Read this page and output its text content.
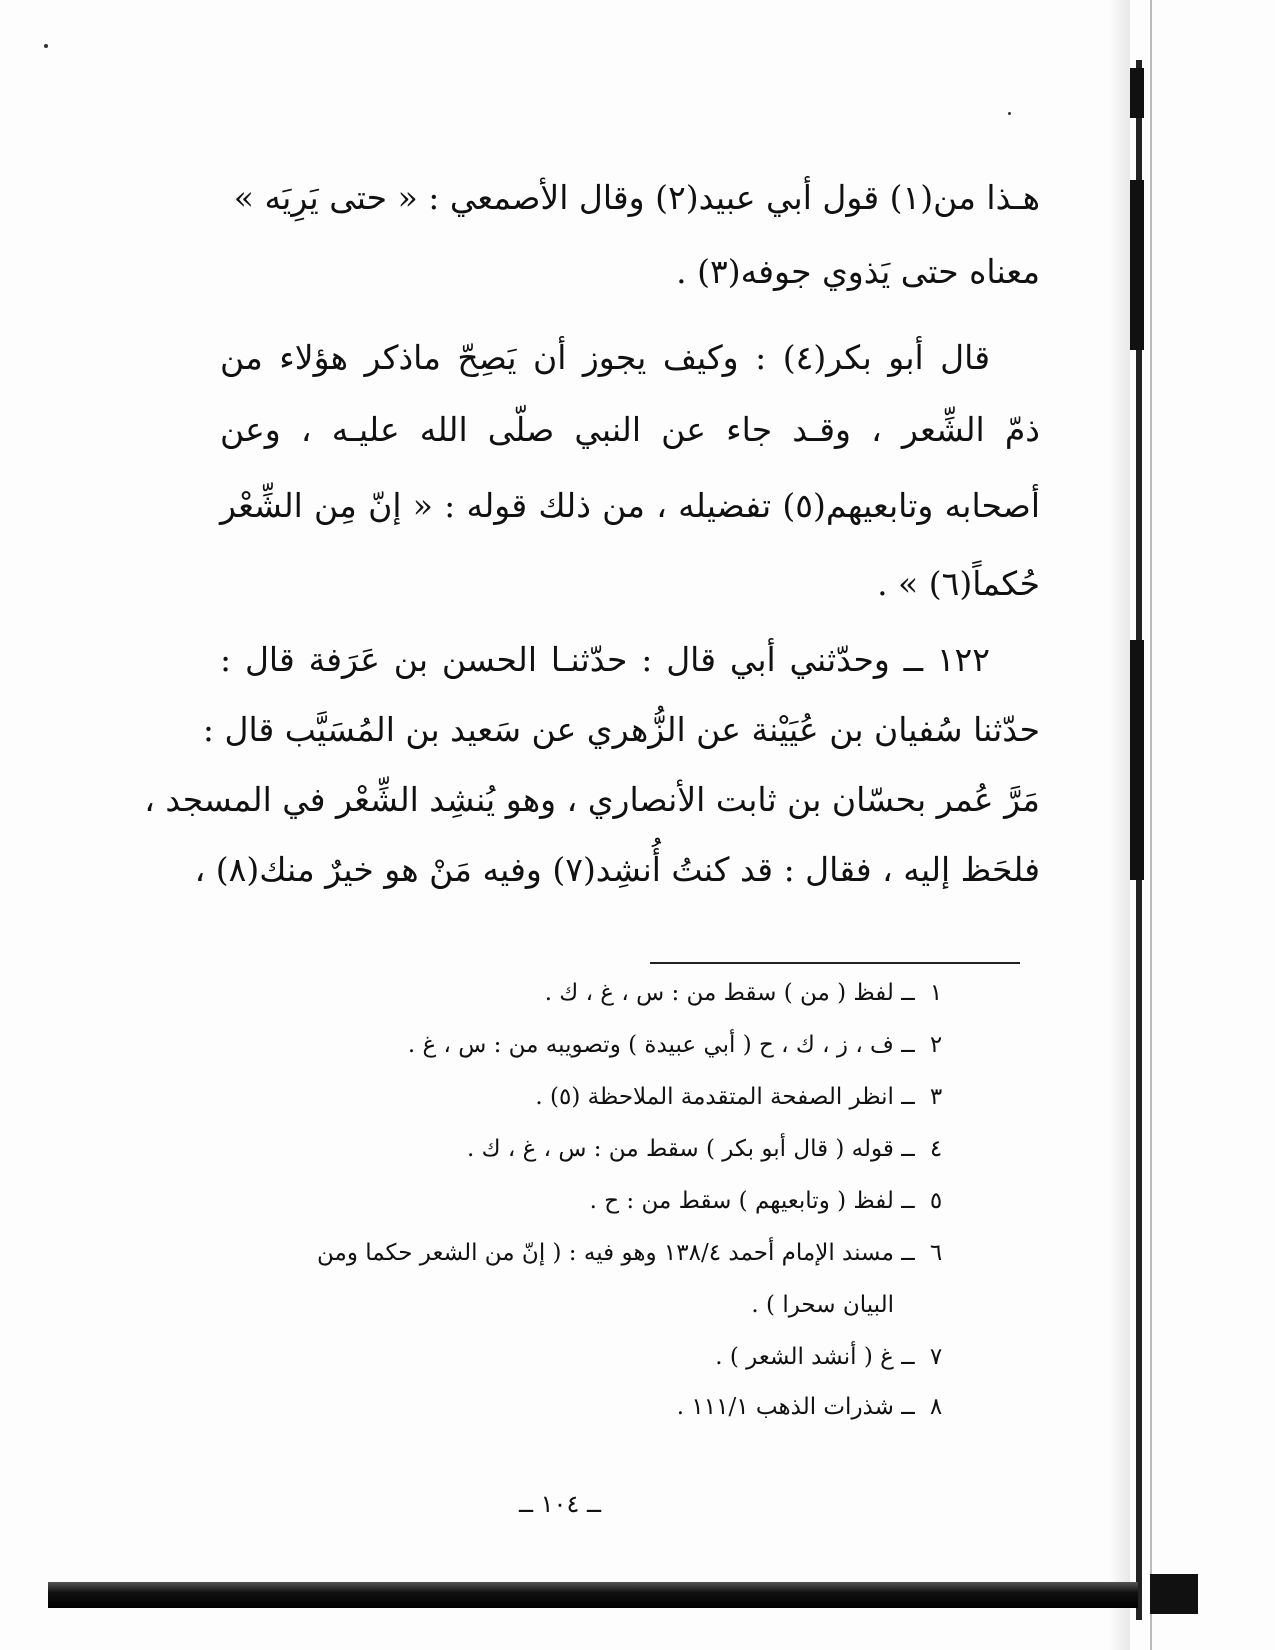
هـذا من(١) قول أبي عبيد(٢) وقال الأصمعي : « حتى يَرِيَه »
معناه حتى يَذوي جوفه(٣) .
قال أبو بكر(٤) : وكيف يجوز أن يَصِحّ ماذكر هؤلاء من
ذمّ الشِّعر ، وقـد جاء عن النبي صلّى الله عليـه ، وعن
أصحابه وتابعيهم(٥) تفضيله ، من ذلك قوله : « إنّ مِن الشِّعْر
حُكماً(٦) » .
١٢٢ ــ وحدّثني أبي قال : حدّثنـا الحسن بن عَرَفة قال :
حدّثنا سُفيان بن عُيَيْنة عن الزُّهري عن سَعيد بن المُسَيَّب قال :
مَرَّ عُمر بحسّان بن ثابت الأنصاري ، وهو يُنشِد الشِّعْر في المسجد ،
فلحَظ إليه ، فقال : قد كنتُ أُنشِد(٧) وفيه مَنْ هو خيرٌ منك(٨) ،
١ ــ لفظ ( من ) سقط من : س ، غ ، ك .
٢ ــ ف ، ز ، ك ، ح ( أبي عبيدة ) وتصويبه من : س ، غ .
٣ ــ انظر الصفحة المتقدمة الملاحظة (٥) .
٤ ــ قوله ( قال أبو بكر ) سقط من : س ، غ ، ك .
٥ ــ لفظ ( وتابعيهم ) سقط من : ح .
٦ ــ مسند الإمام أحمد ١٣٨/٤ وهو فيه : ( إنّ من الشعر حكما ومن
البيان سحرا ) .
٧ ــ غ ( أنشد الشعر ) .
٨ ــ شذرات الذهب ١١١/١ .
ــ ١٠٤ ــ
